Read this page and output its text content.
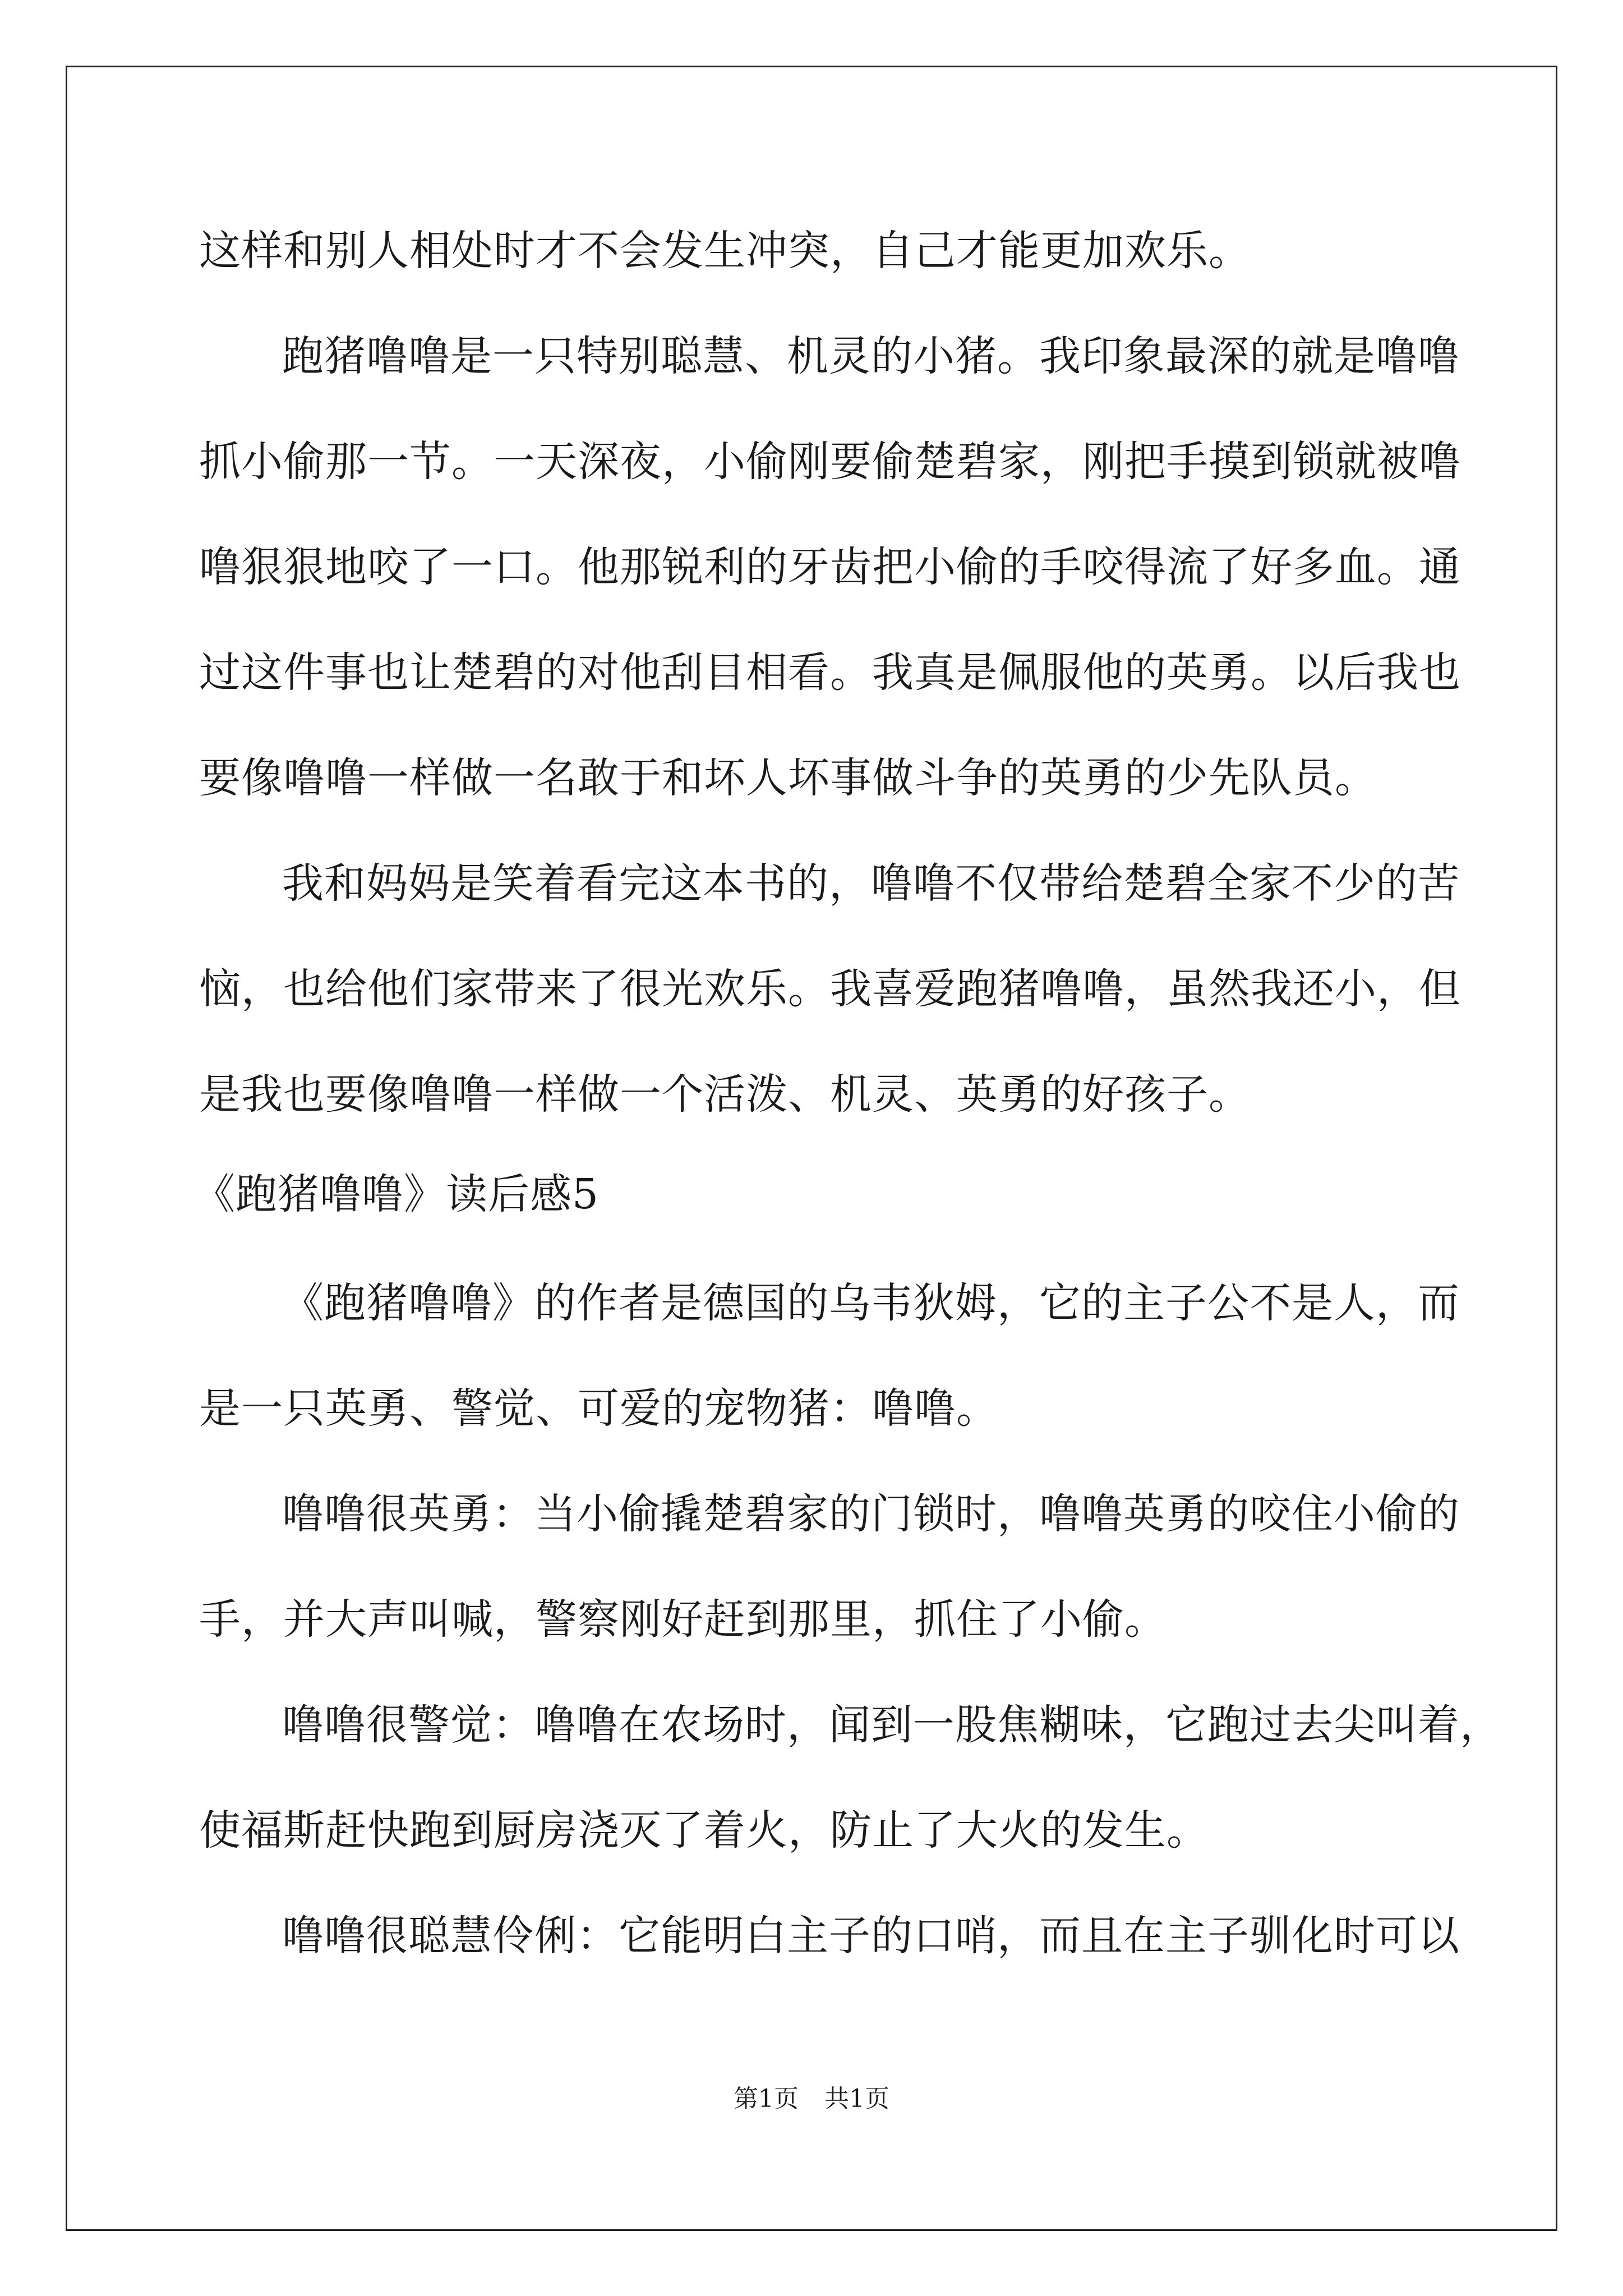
这样和别人相处时才不会发生冲突，自己才能更加欢乐。
跑猪噜噜是一只特别聪慧、机灵的小猪。我印象最深的就是噜噜
抓小偷那一节。一天深夜，小偷刚要偷楚碧家，刚把手摸到锁就被噜
噜狠狠地咬了一口。他那锐利的牙齿把小偷的手咬得流了好多血。通
过这件事也让楚碧的对他刮目相看。我真是佩服他的英勇。以后我也
要像噜噜一样做一名敢于和坏人坏事做斗争的英勇的少先队员。
我和妈妈是笑着看完这本书的，噜噜不仅带给楚碧全家不少的苦
恼，也给他们家带来了很光欢乐。我喜爱跑猪噜噜，虽然我还小，但
是我也要像噜噜一样做一个活泼、机灵、英勇的好孩子。
《跑猪噜噜》读后感5
《跑猪噜噜》的作者是德国的乌韦狄姆，它的主子公不是人，而
是一只英勇、警觉、可爱的宠物猪：噜噜。
噜噜很英勇：当小偷撬楚碧家的门锁时，噜噜英勇的咬住小偷的
手，并大声叫喊，警察刚好赶到那里，抓住了小偷。
噜噜很警觉：噜噜在农场时，闻到一股焦糊味，它跑过去尖叫着，
使福斯赶快跑到厨房浇灭了着火，防止了大火的发生。
噜噜很聪慧伶俐：它能明白主子的口哨，而且在主子驯化时可以
第1页 共1页
